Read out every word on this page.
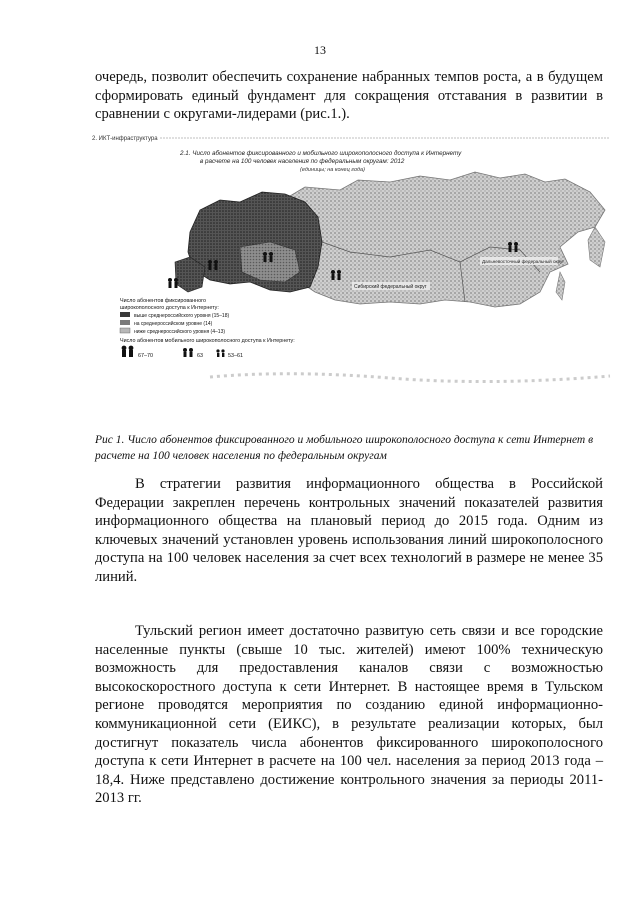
13

очередь, позволит обеспечить сохранение набранных темпов роста, а в будущем сформировать единый фундамент для сокращения отставания в развитии в сравнении с округами-лидерами (рис.1.).

2. ИКТ-инфраструктура
2.1. Число абонентов фиксированного и мобильного широкополосного доступа к Интернету
в расчете на 100 человек населения по федеральным округам: 2012
(единицы; на конец года)
Сибирский федеральный округ
Дальневосточный федеральный округ
Число абонентов фиксированного
широкополосного доступа к Интернету:
выше среднероссийского уровня (15–18)
на среднероссийском уровне (14)
ниже среднероссийского уровня (4–13)
Число абонентов мобильного широкополосного доступа к Интернету:
67–70	63	53–61

Рис 1. Число абонентов фиксированного и мобильного широкополосного доступа к сети Интернет в расчете на 100 человек населения по федеральным округам

В стратегии развития информационного общества в Российской Федерации закреплен перечень контрольных значений показателей развития информационного общества на плановый период до 2015 года. Одним из ключевых значений установлен уровень использования линий широкополосного доступа на 100 человек населения за счет всех технологий в размере не менее 35 линий.

Тульский регион имеет достаточно развитую сеть связи и все городские населенные пункты (свыше 10 тыс. жителей) имеют 100% техническую возможность для предоставления каналов связи с возможностью высокоскоростного доступа к сети Интернет. В настоящее время в Тульском регионе проводятся мероприятия по созданию единой информационно-коммуникационной сети (ЕИКС), в результате реализации которых, был достигнут показатель числа абонентов фиксированного широкополосного доступа к сети Интернет в расчете на 100 чел. населения за период 2013 года – 18,4. Ниже представлено достижение контрольного значения за периоды 2011-2013 гг.
